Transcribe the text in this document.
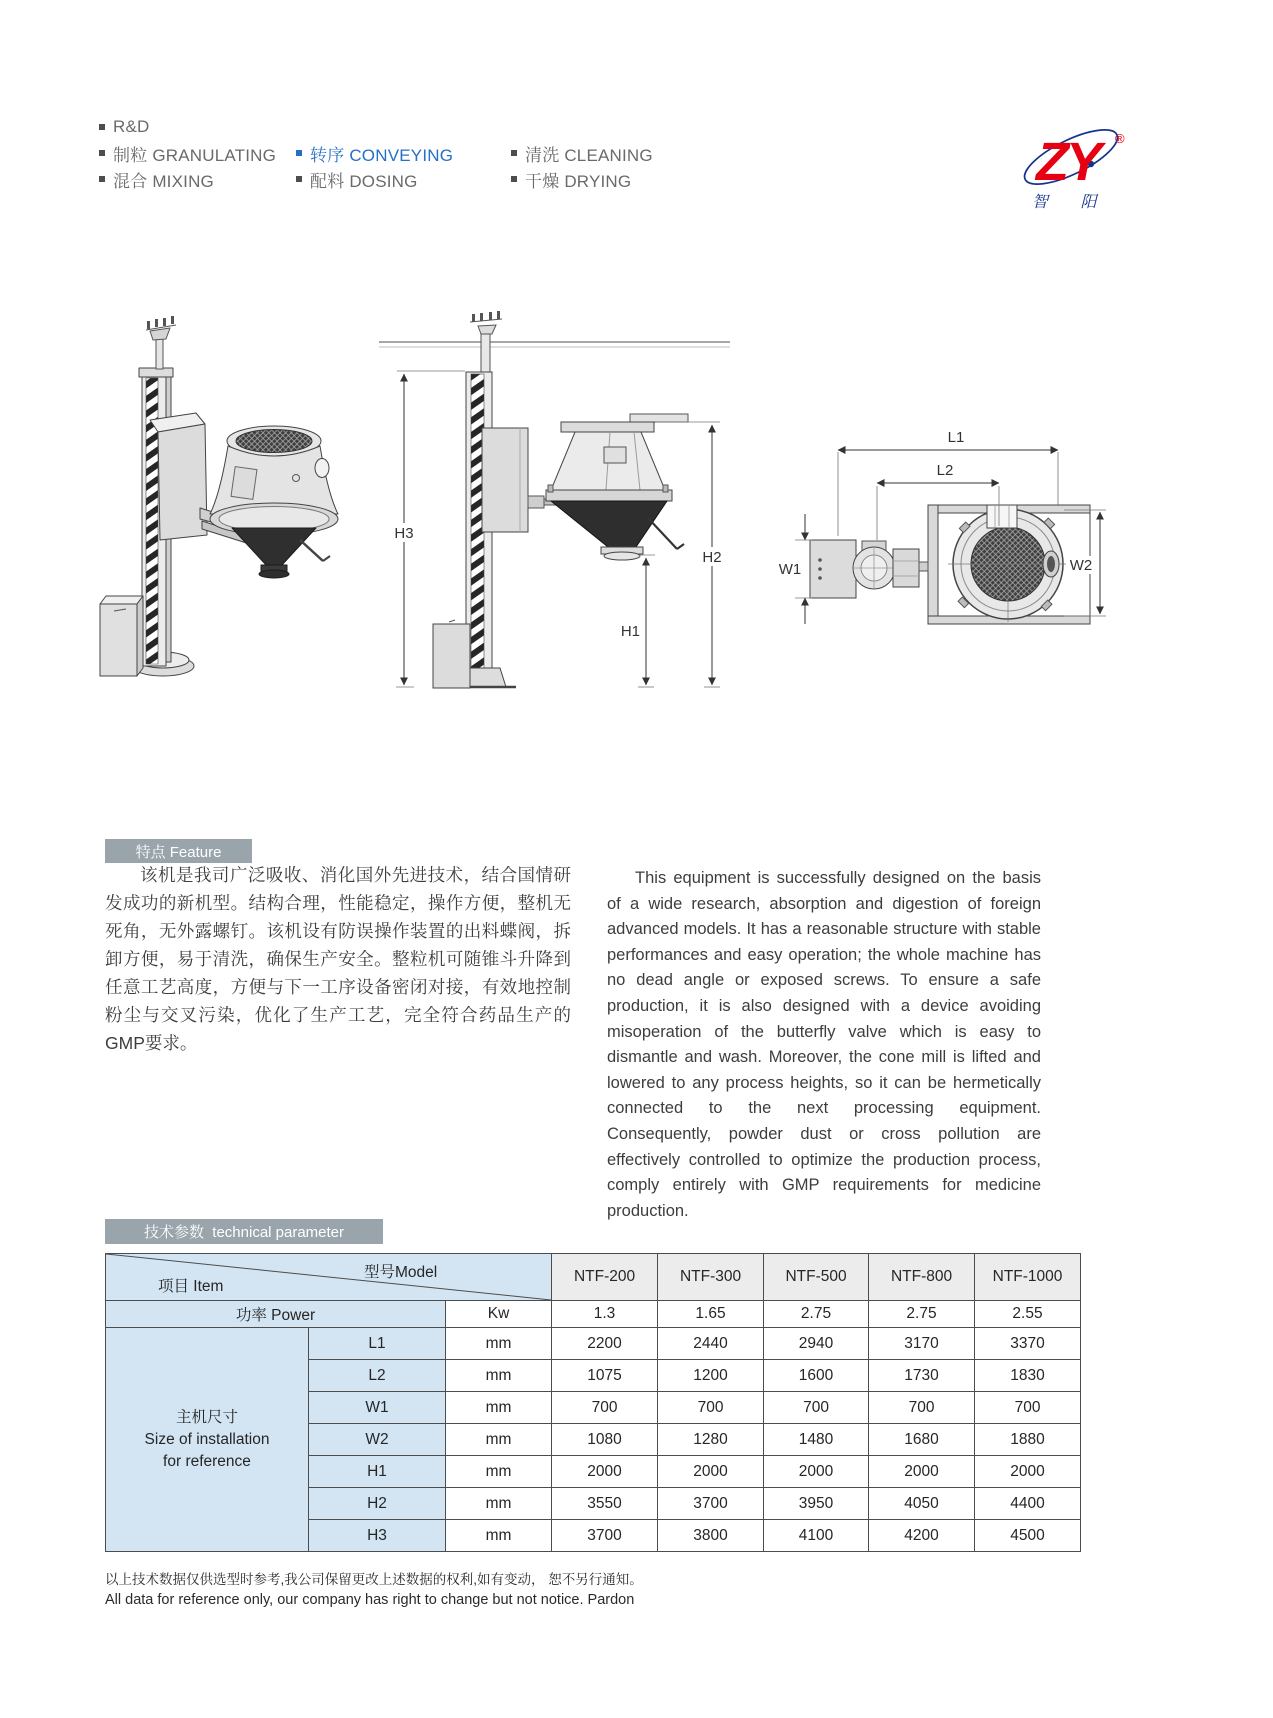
R&D
制粒 GRANULATING
混合 MIXING
转序 CONVEYING
配料 DOSING
清洗 CLEANING
干燥 DRYING	ZY	®
智 阳
H3
H2
H1
L1
L2
W1	W2
特点 Feature
该机是我司广泛吸收、消化国外先进技术，结合国情研发成功的新机型。结构合理，性能稳定，操作方便，整机无死角，无外露螺钉。该机设有防误操作装置的出料蝶阀，拆卸方便，易于清洗，确保生产安全。整粒机可随锥斗升降到任意工艺高度，方便与下一工序设备密闭对接，有效地控制粉尘与交叉污染，优化了生产工艺，完全符合药品生产的GMP要求。
This equipment is successfully designed on the basis of a wide research, absorption and digestion of foreign advanced models. It has a reasonable structure with stable performances and easy operation; the whole machine has no dead angle or exposed screws. To ensure a safe production, it is also designed with a device avoiding misoperation of the butterfly valve which is easy to dismantle and wash. Moreover, the cone mill is lifted and lowered to any process heights, so it can be hermetically connected to the next processing equipment. Consequently, powder dust or cross pollution are effectively controlled to optimize the production process, comply entirely with GMP requirements for medicine production.
技术参数  technical parameter
项目 Item
型号Model			NTF-200	NTF-300	NTF-500	NTF-800	NTF-1000
功率 Power		Kw	1.3	1.65	2.75	2.75	2.55
主机尺寸
Size of installation
for reference	L1	mm	2200	2440	2940	3170	3370
	L2	mm	1075	1200	1600	1730	1830
	W1	mm	700	700	700	700	700
	W2	mm	1080	1280	1480	1680	1880
	H1	mm	2000	2000	2000	2000	2000
	H2	mm	3550	3700	3950	4050	4400
	H3	mm	3700	3800	4100	4200	4500
以上技术数据仅供选型时参考,我公司保留更改上述数据的权利,如有变动， 恕不另行通知。
All data for reference only, our company has right to change but not notice. Pardon
